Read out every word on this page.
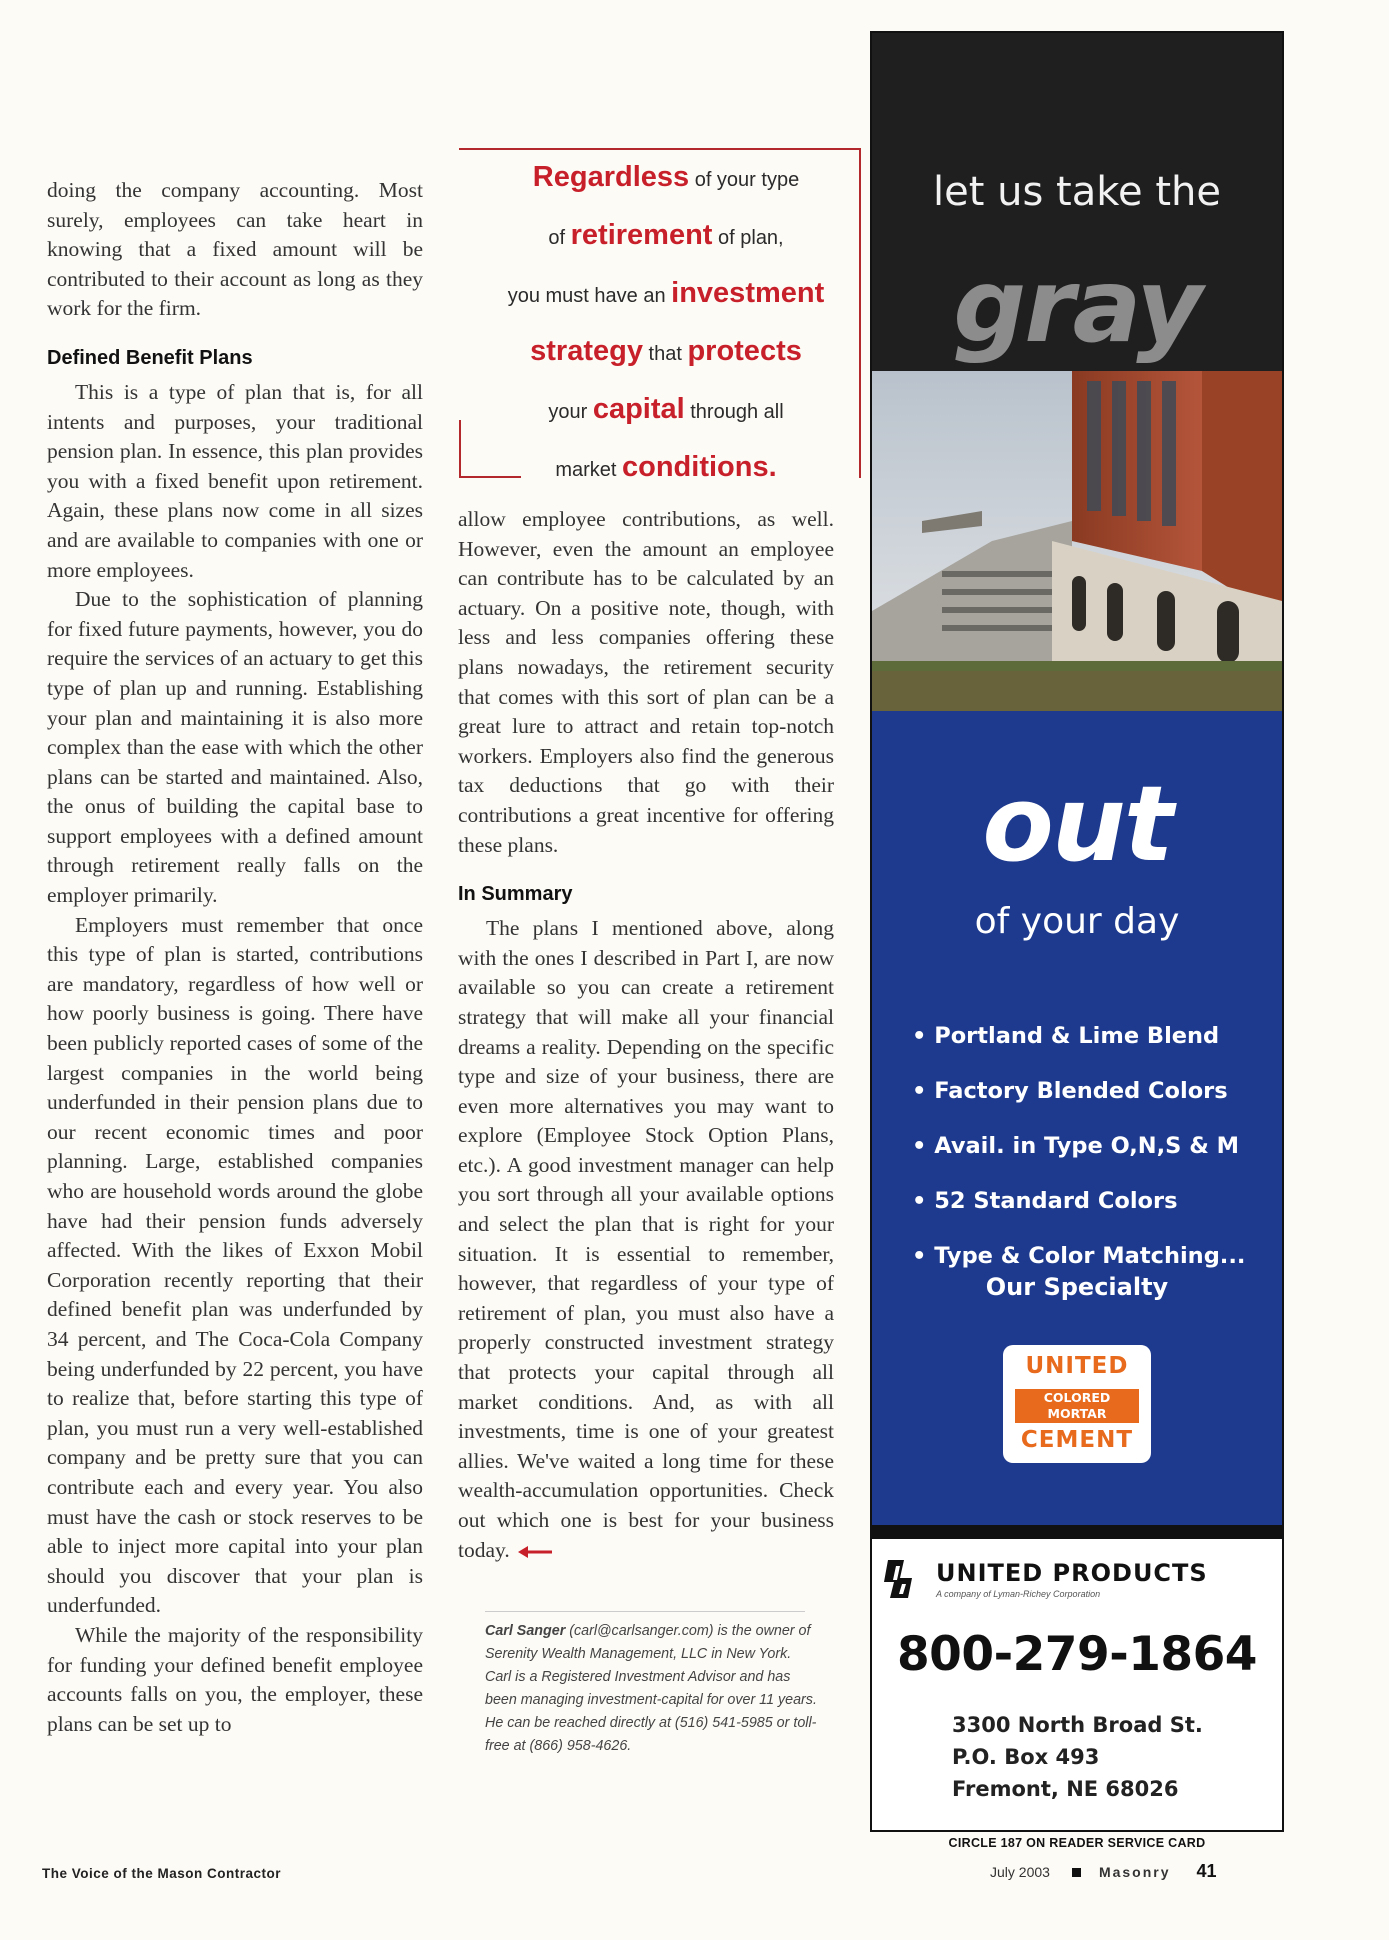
doing the company accounting. Most surely, employees can take heart in knowing that a fixed amount will be contributed to their account as long as they work for the firm.

Defined Benefit Plans

This is a type of plan that is, for all intents and purposes, your traditional pension plan. In essence, this plan provides you with a fixed benefit upon retirement. Again, these plans now come in all sizes and are available to companies with one or more employees.

Due to the sophistication of planning for fixed future payments, however, you do require the services of an actuary to get this type of plan up and running. Establishing your plan and maintaining it is also more complex than the ease with which the other plans can be started and maintained. Also, the onus of building the capital base to support employees with a defined amount through retirement really falls on the employer primarily.

Employers must remember that once this type of plan is started, contributions are mandatory, regardless of how well or how poorly business is going. There have been publicly reported cases of some of the largest companies in the world being underfunded in their pension plans due to our recent economic times and poor planning. Large, established companies who are household words around the globe have had their pension funds adversely affected. With the likes of Exxon Mobil Corporation recently reporting that their defined benefit plan was underfunded by 34 percent, and The Coca-Cola Company being underfunded by 22 percent, you have to realize that, before starting this type of plan, you must run a very well-established company and be pretty sure that you can contribute each and every year. You also must have the cash or stock reserves to be able to inject more capital into your plan should you discover that your plan is underfunded.

While the majority of the responsibility for funding your defined benefit employee accounts falls on you, the employer, these plans can be set up to

Regardless of your type
of retirement of plan,
you must have an investment
strategy that protects
your capital through all
market conditions.

allow employee contributions, as well. However, even the amount an employee can contribute has to be calculated by an actuary. On a positive note, though, with less and less companies offering these plans nowadays, the retirement security that comes with this sort of plan can be a great lure to attract and retain top-notch workers. Employers also find the generous tax deductions that go with their contributions a great incentive for offering these plans.

In Summary

The plans I mentioned above, along with the ones I described in Part I, are now available so you can create a retirement strategy that will make all your financial dreams a reality. Depending on the specific type and size of your business, there are even more alternatives you may want to explore (Employee Stock Option Plans, etc.). A good investment manager can help you sort through all your available options and select the plan that is right for your situation. It is essential to remember, however, that regardless of your type of retirement of plan, you must also have a properly constructed investment strategy that protects your capital through all market conditions. And, as with all investments, time is one of your greatest allies. We've waited a long time for these wealth-accumulation opportunities. Check out which one is best for your business today.

Carl Sanger (carl@carlsanger.com) is the owner of Serenity Wealth Management, LLC in New York. Carl is a Registered Investment Advisor and has been managing investment-capital for over 11 years. He can be reached directly at (516) 541-5985 or toll-free at (866) 958-4626.
let us take the
gray
out
of your day
• Portland & Lime Blend
• Factory Blended Colors
• Avail. in Type O,N,S & M
• 52 Standard Colors
• Type & Color Matching...
Our Specialty
UNITED
COLORED
MORTAR
CEMENT
UNITED PRODUCTS
A company of Lyman-Richey Corporation
800-279-1864
3300 North Broad St.
P.O. Box 493
Fremont, NE 68026
CIRCLE 187 ON READER SERVICE CARD
The Voice of the Mason Contractor	July 2003	Masonry 41
